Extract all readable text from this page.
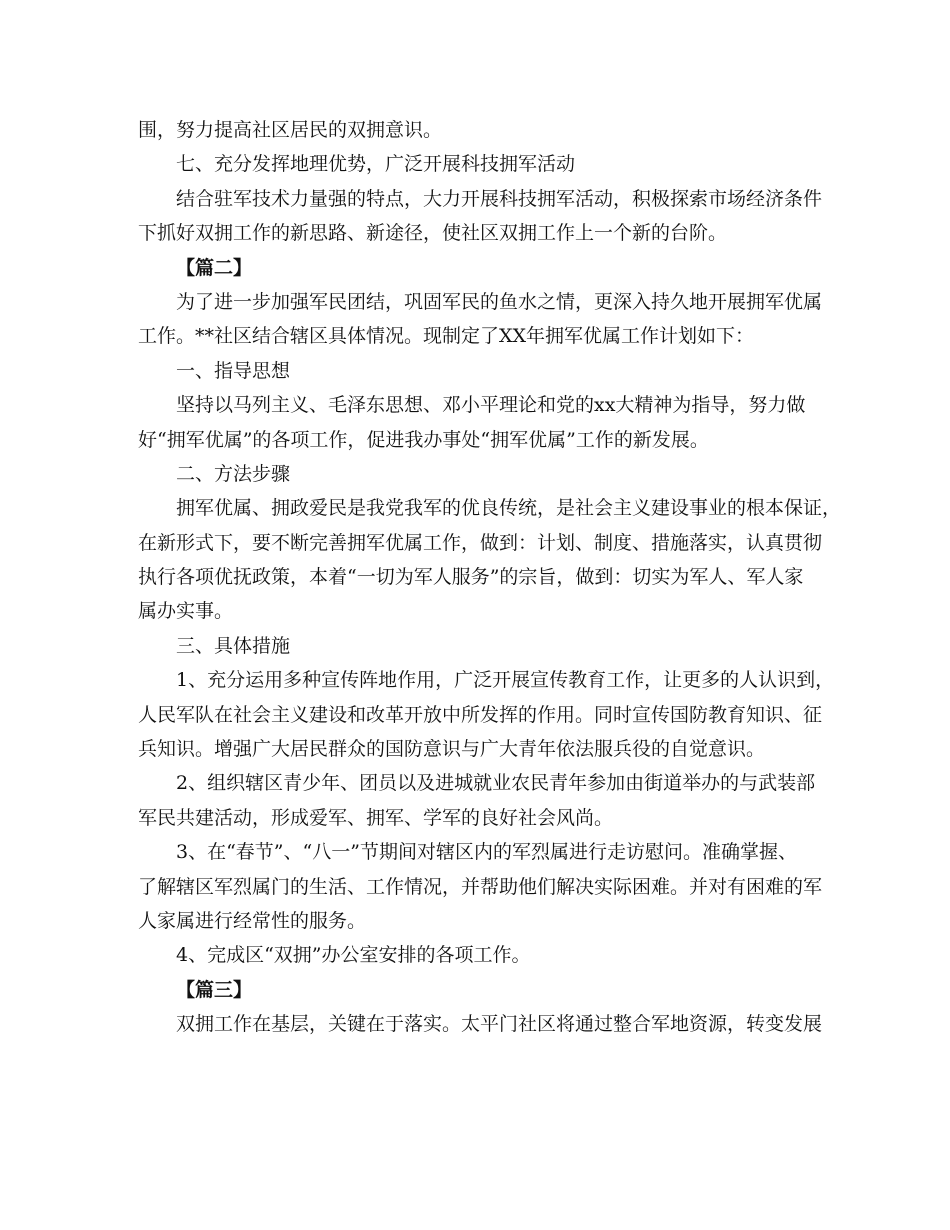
围，努力提高社区居民的双拥意识。
七、充分发挥地理优势，广泛开展科技拥军活动
结合驻军技术力量强的特点，大力开展科技拥军活动，积极探索市场经济条件
下抓好双拥工作的新思路、新途径，使社区双拥工作上一个新的台阶。
【篇二】
为了进一步加强军民团结，巩固军民的鱼水之情，更深入持久地开展拥军优属
工作。**社区结合辖区具体情况。现制定了XX年拥军优属工作计划如下：
一、指导思想
坚持以马列主义、毛泽东思想、邓小平理论和党的xx大精神为指导，努力做
好“拥军优属”的各项工作，促进我办事处“拥军优属”工作的新发展。
二、方法步骤
拥军优属、拥政爱民是我党我军的优良传统，是社会主义建设事业的根本保证，
在新形式下，要不断完善拥军优属工作，做到：计划、制度、措施落实，认真贯彻
执行各项优抚政策，本着“一切为军人服务”的宗旨，做到：切实为军人、军人家
属办实事。
三、具体措施
1、充分运用多种宣传阵地作用，广泛开展宣传教育工作，让更多的人认识到，
人民军队在社会主义建设和改革开放中所发挥的作用。同时宣传国防教育知识、征
兵知识。增强广大居民群众的国防意识与广大青年依法服兵役的自觉意识。
2、组织辖区青少年、团员以及进城就业农民青年参加由街道举办的与武装部
军民共建活动，形成爱军、拥军、学军的良好社会风尚。
3、在“春节”、“八一”节期间对辖区内的军烈属进行走访慰问。准确掌握、
了解辖区军烈属门的生活、工作情况，并帮助他们解决实际困难。并对有困难的军
人家属进行经常性的服务。
4、完成区“双拥”办公室安排的各项工作。
【篇三】
双拥工作在基层，关键在于落实。太平门社区将通过整合军地资源，转变发展
